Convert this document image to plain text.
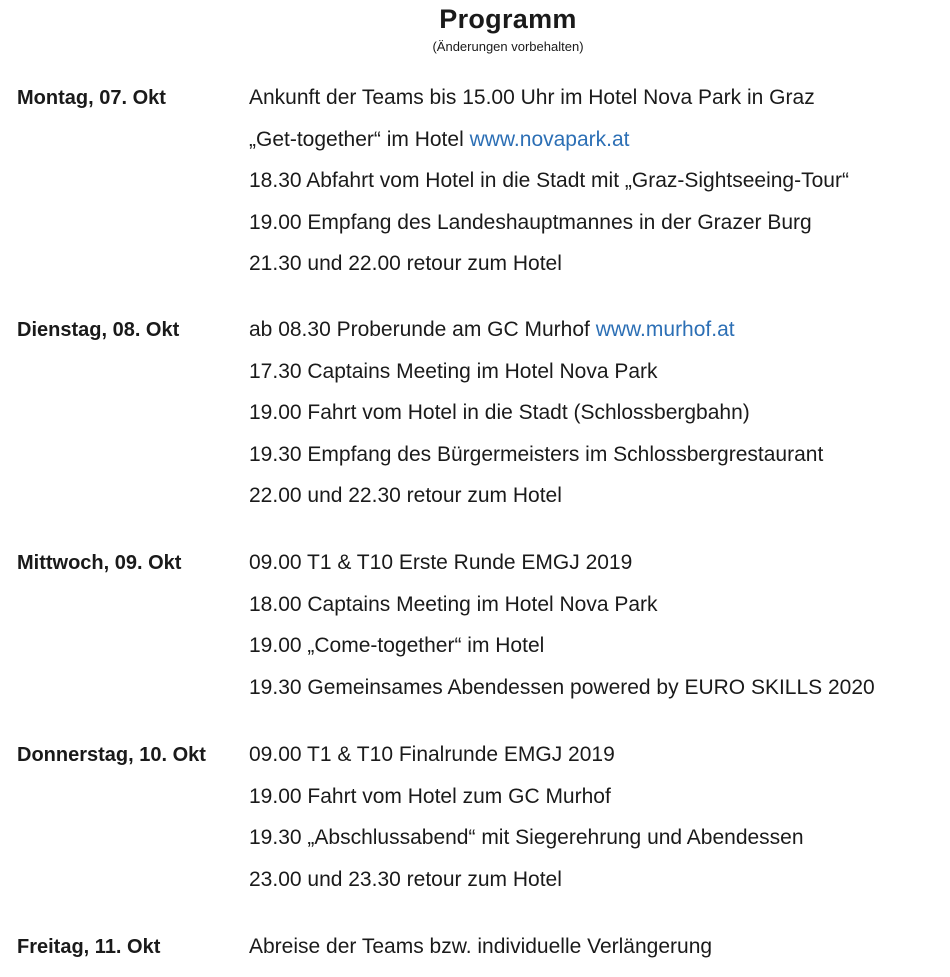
Programm
(Änderungen vorbehalten)
Montag, 07. Okt	Ankunft der Teams bis 15.00 Uhr im Hotel Nova Park in Graz
„Get-together“ im Hotel www.novapark.at
18.30 Abfahrt vom Hotel in die Stadt mit „Graz-Sightseeing-Tour“
19.00 Empfang des Landeshauptmannes in der Grazer Burg
21.30 und 22.00 retour zum Hotel
Dienstag, 08. Okt	ab 08.30 Proberunde am GC Murhof www.murhof.at
17.30 Captains Meeting im Hotel Nova Park
19.00 Fahrt vom Hotel in die Stadt (Schlossbergbahn)
19.30 Empfang des Bürgermeisters im Schlossbergrestaurant
22.00 und 22.30 retour zum Hotel
Mittwoch, 09. Okt	09.00 T1 & T10 Erste Runde EMGJ 2019
18.00 Captains Meeting im Hotel Nova Park
19.00 „Come-together“ im Hotel
19.30 Gemeinsames Abendessen powered by EURO SKILLS 2020
Donnerstag, 10. Okt 09.00 T1 & T10 Finalrunde EMGJ 2019
19.00 Fahrt vom Hotel zum GC Murhof
19.30 „Abschlussabend“ mit Siegerehrung und Abendessen
23.00 und 23.30 retour zum Hotel
Freitag, 11. Okt	Abreise der Teams bzw. individuelle Verlängerung
